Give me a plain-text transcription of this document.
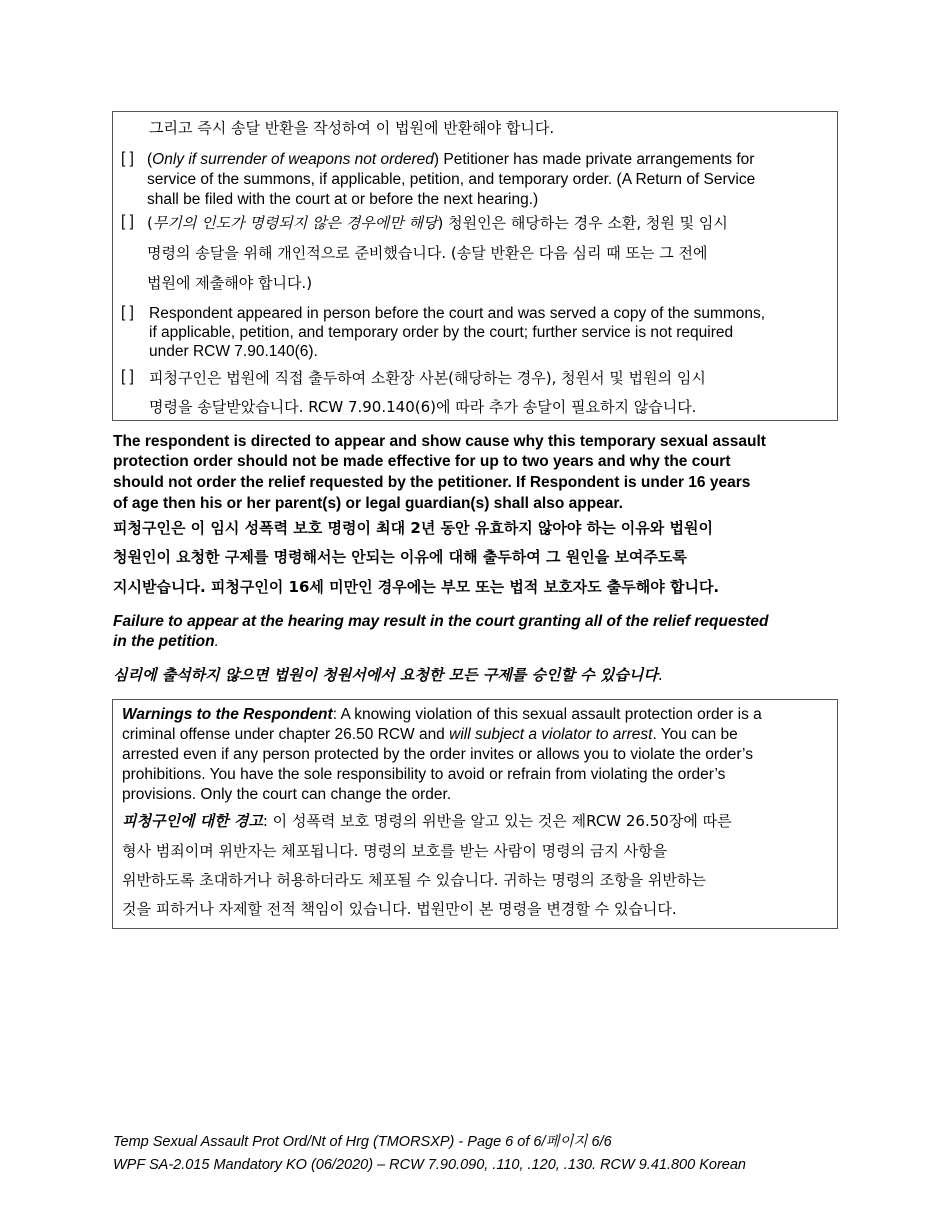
그리고 즉시 송달 반환을 작성하여 이 법원에 반환해야 합니다.
[ ] (Only if surrender of weapons not ordered) Petitioner has made private arrangements for
service of the summons, if applicable, petition, and temporary order. (A Return of Service
shall be filed with the court at or before the next hearing.)
[ ] (무기의 인도가 명령되지 않은 경우에만 해당) 청원인은 해당하는 경우 소환, 청원 및 임시
명령의 송달을 위해 개인적으로 준비했습니다. (송달 반환은 다음 심리 때 또는 그 전에
법원에 제출해야 합니다.)
[ ] Respondent appeared in person before the court and was served a copy of the summons,
if applicable, petition, and temporary order by the court; further service is not required
under RCW 7.90.140(6).
[ ] 피청구인은 법원에 직접 출두하여 소환장 사본(해당하는 경우), 청원서 및 법원의 임시
명령을 송달받았습니다. RCW 7.90.140(6)에 따라 추가 송달이 필요하지 않습니다.
The respondent is directed to appear and show cause why this temporary sexual assault
protection order should not be made effective for up to two years and why the court
should not order the relief requested by the petitioner. If Respondent is under 16 years
of age then his or her parent(s) or legal guardian(s) shall also appear.
피청구인은 이 임시 성폭력 보호 명령이 최대 2년 동안 유효하지 않아야 하는 이유와 법원이
청원인이 요청한 구제를 명령해서는 안되는 이유에 대해 출두하여 그 원인을 보여주도록
지시받습니다. 피청구인이 16세 미만인 경우에는 부모 또는 법적 보호자도 출두해야 합니다.
Failure to appear at the hearing may result in the court granting all of the relief requested
in the petition.
심리에 출석하지 않으면 법원이 청원서에서 요청한 모든 구제를 승인할 수 있습니다.
Warnings to the Respondent: A knowing violation of this sexual assault protection order is a
criminal offense under chapter 26.50 RCW and will subject a violator to arrest. You can be
arrested even if any person protected by the order invites or allows you to violate the order’s
prohibitions. You have the sole responsibility to avoid or refrain from violating the order’s
provisions. Only the court can change the order.
피청구인에 대한 경고: 이 성폭력 보호 명령의 위반을 알고 있는 것은 제RCW 26.50장에 따른
형사 범죄이며 위반자는 체포됩니다. 명령의 보호를 받는 사람이 명령의 금지 사항을
위반하도록 초대하거나 허용하더라도 체포될 수 있습니다. 귀하는 명령의 조항을 위반하는
것을 피하거나 자제할 전적 책임이 있습니다. 법원만이 본 명령을 변경할 수 있습니다.
Temp Sexual Assault Prot Ord/Nt of Hrg (TMORSXP) - Page 6 of 6/페이지 6/6
WPF SA-2.015 Mandatory KO (06/2020) – RCW 7.90.090, .110, .120, .130. RCW 9.41.800 Korean
